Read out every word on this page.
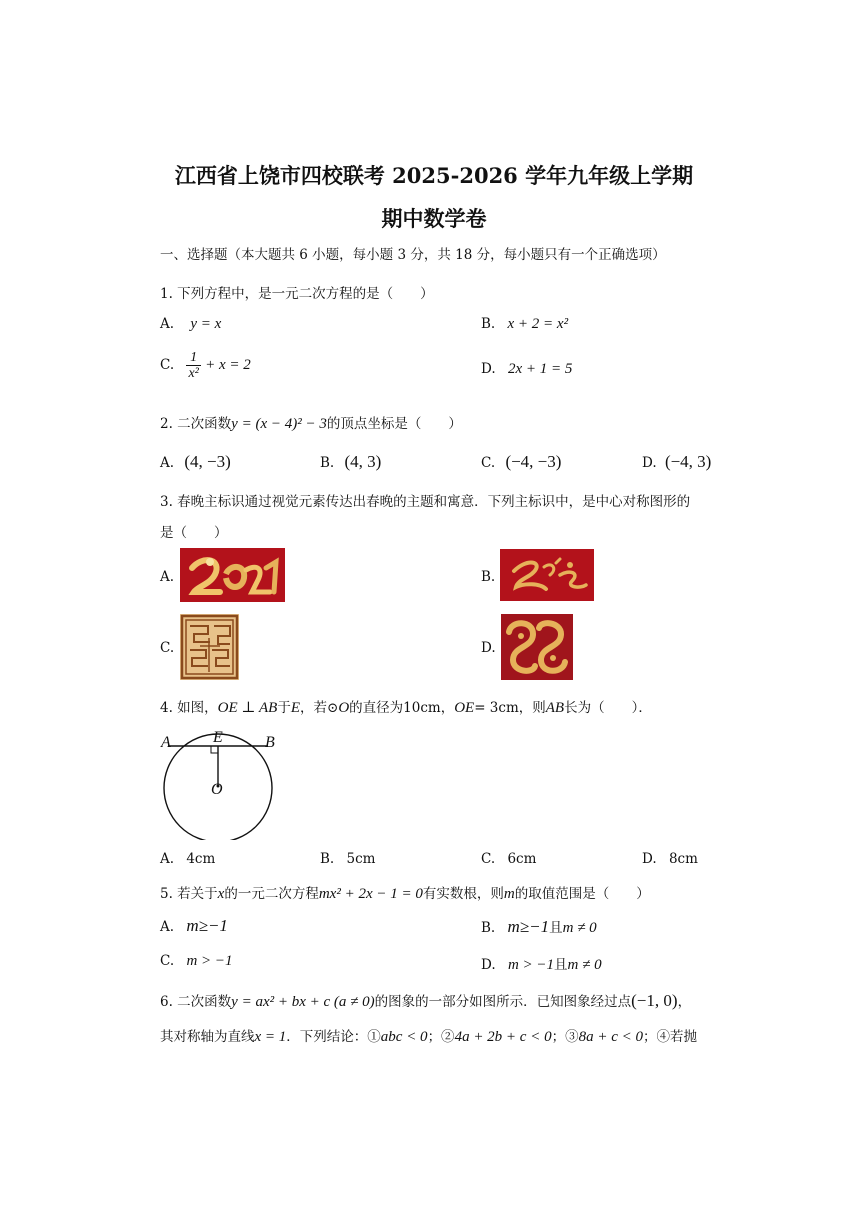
江西省上饶市四校联考 2025-2026 学年九年级上学期
期中数学卷
一、选择题（本大题共 6 小题，每小题 3 分，共 18 分，每小题只有一个正确选项）
1. 下列方程中，是一元二次方程的是（　　）
A. y = x	B. x + 2 = x²
C. $\frac{1}{\text{x²}} + x = 2$	D. 2x + 1 = 5
2. 二次函数y = (x − 4)² − 3的顶点坐标是（　　）
A. (4, −3)	B. (4, 3)	C. (−4, −3)	D. (−4, 3)
3. 春晚主标识通过视觉元素传达出春晚的主题和寓意．下列主标识中，是中心对称图形的
是（　　）
A.	B.
C.	D.
4. 如图，OE ⊥ AB于E，若⊙O的直径为10cm，OE= 3cm，则AB长为（　　）．
A	B
E
O
A. 4cm	B. 5cm	C. 6cm	D. 8cm
5. 若关于x的一元二次方程mx² + 2x − 1 = 0有实数根，则m的取值范围是（　　）
A. m≥−1	B. m≥−1且m ≠ 0
C. m > −1	D. m > −1且m ≠ 0
6. 二次函数y = ax² + bx + c (a ≠ 0)的图象的一部分如图所示．已知图象经过点(−1, 0)，
其对称轴为直线x = 1．下列结论：①abc < 0；②4a + 2b + c < 0；③8a + c < 0；④若抛
